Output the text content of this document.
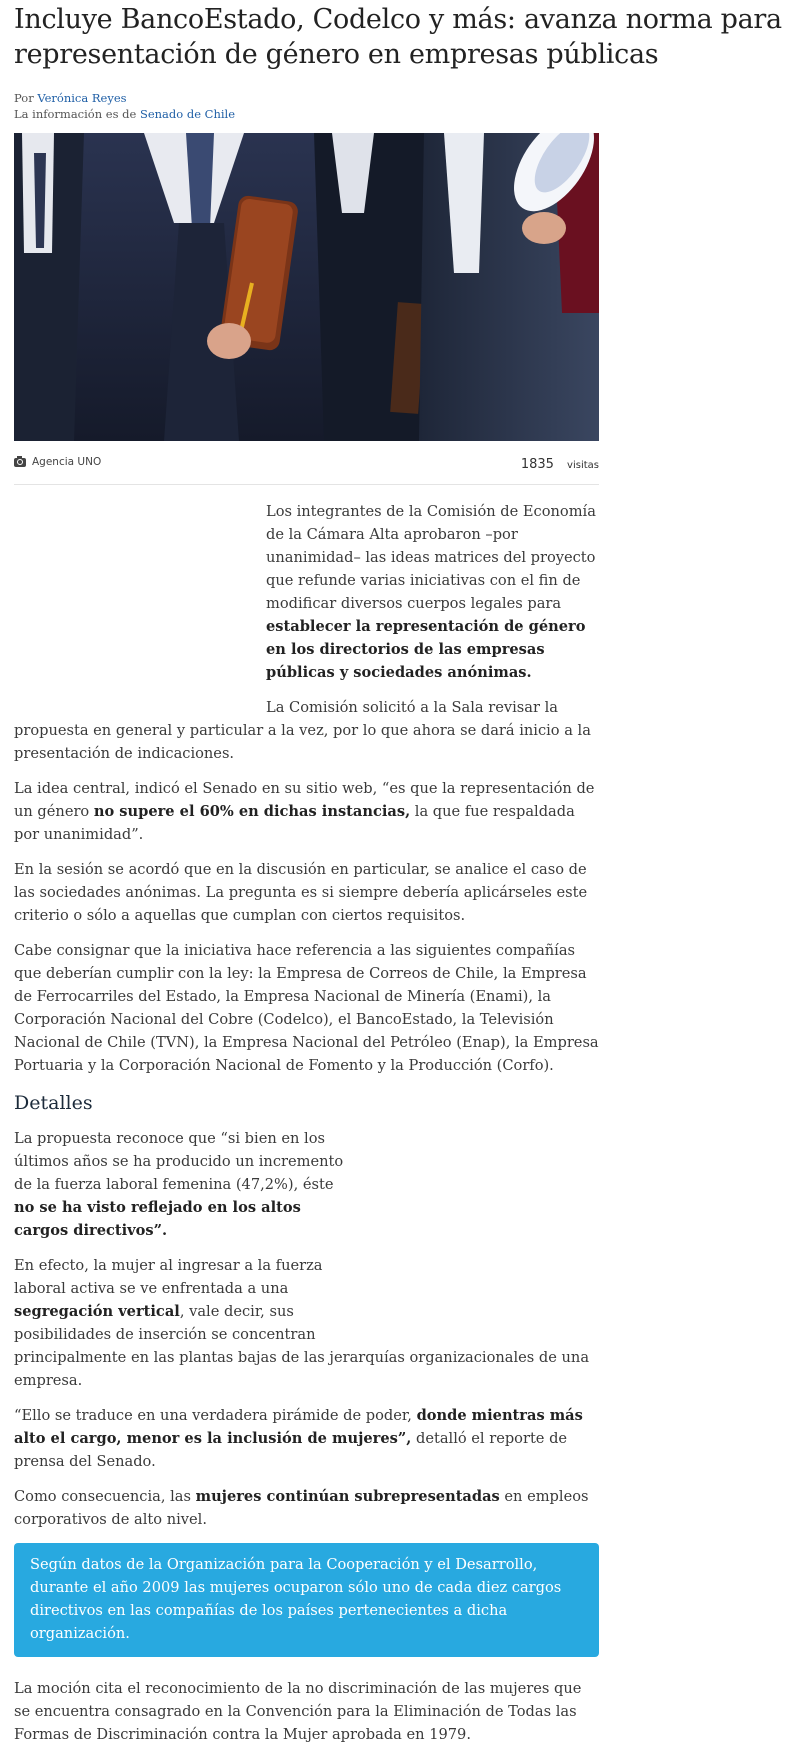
Incluye BancoEstado, Codelco y más: avanza norma para representación de género en empresas públicas
Por Verónica Reyes
La información es de Senado de Chile
Agencia UNO	1835 visitas

Los integrantes de la Comisión de Economía de la Cámara Alta aprobaron –por unanimidad– las ideas matrices del proyecto que refunde varias iniciativas con el fin de modificar diversos cuerpos legales para establecer la representación de género en los directorios de las empresas públicas y sociedades anónimas.

La Comisión solicitó a la Sala revisar la propuesta en general y particular a la vez, por lo que ahora se dará inicio a la presentación de indicaciones.

La idea central, indicó el Senado en su sitio web, “es que la representación de un género no supere el 60% en dichas instancias, la que fue respaldada por unanimidad”.

En la sesión se acordó que en la discusión en particular, se analice el caso de las sociedades anónimas. La pregunta es si siempre debería aplicárseles este criterio o sólo a aquellas que cumplan con ciertos requisitos.

Cabe consignar que la iniciativa hace referencia a las siguientes compañías que deberían cumplir con la ley: la Empresa de Correos de Chile, la Empresa de Ferrocarriles del Estado, la Empresa Nacional de Minería (Enami), la Corporación Nacional del Cobre (Codelco), el BancoEstado, la Televisión Nacional de Chile (TVN), la Empresa Nacional del Petróleo (Enap), la Empresa Portuaria y la Corporación Nacional de Fomento y la Producción (Corfo).

Detalles

La propuesta reconoce que “si bien en los últimos años se ha producido un incremento de la fuerza laboral femenina (47,2%), éste no se ha visto reflejado en los altos cargos directivos”.

En efecto, la mujer al ingresar a la fuerza laboral activa se ve enfrentada a una segregación vertical, vale decir, sus posibilidades de inserción se concentran principalmente en las plantas bajas de las jerarquías organizacionales de una empresa.

“Ello se traduce en una verdadera pirámide de poder, donde mientras más alto el cargo, menor es la inclusión de mujeres”, detalló el reporte de prensa del Senado.

Como consecuencia, las mujeres continúan subrepresentadas en empleos corporativos de alto nivel.

Según datos de la Organización para la Cooperación y el Desarrollo, durante el año 2009 las mujeres ocuparon sólo uno de cada diez cargos directivos en las compañías de los países pertenecientes a dicha organización.

La moción cita el reconocimiento de la no discriminación de las mujeres que se encuentra consagrado en la Convención para la Eliminación de Todas las Formas de Discriminación contra la Mujer aprobada en 1979.
